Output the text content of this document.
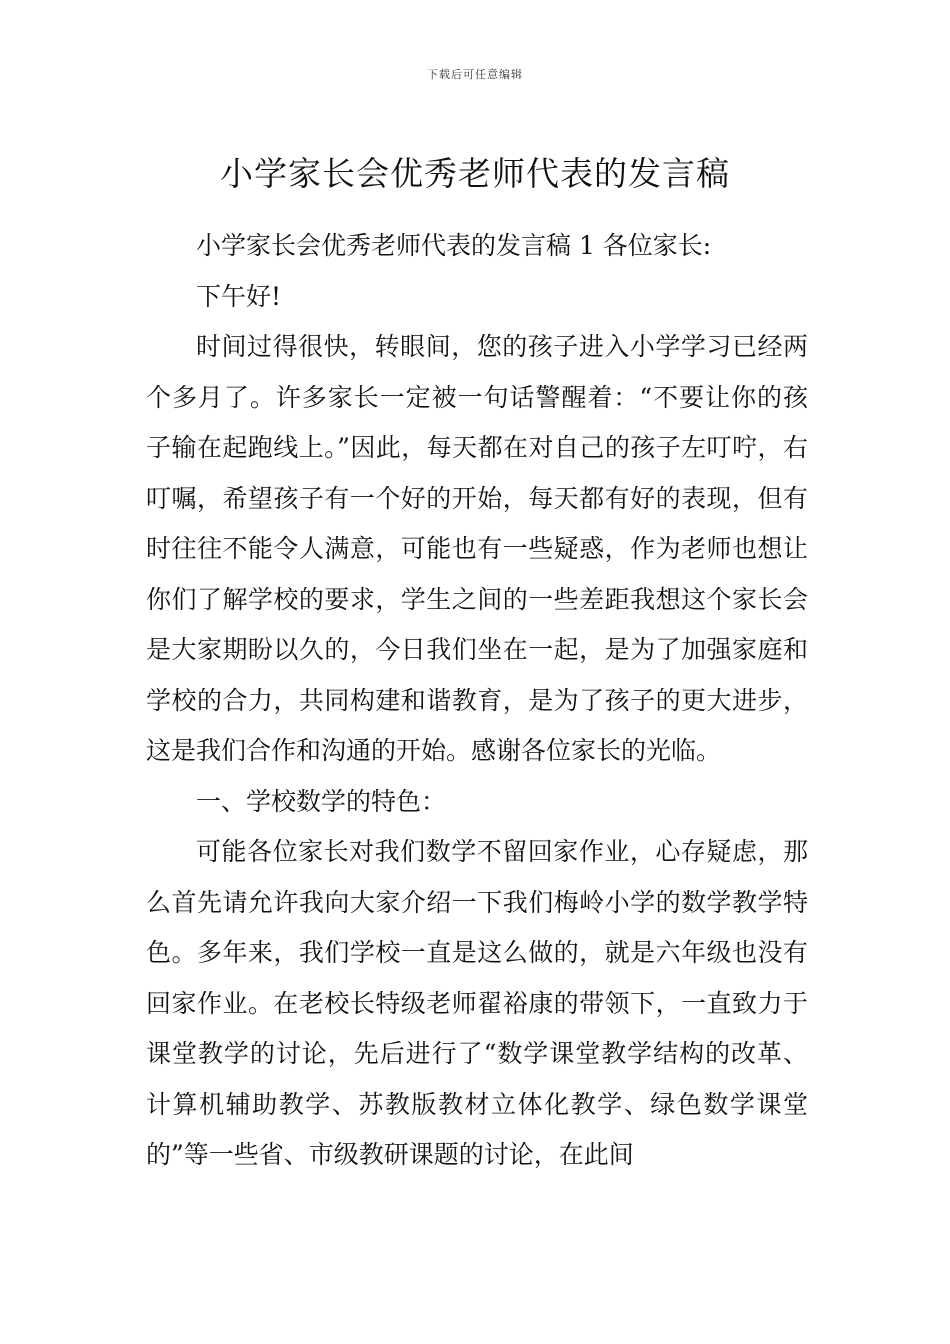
下载后可任意编辑
小学家长会优秀老师代表的发言稿

小学家长会优秀老师代表的发言稿 1 各位家长:

下午好!

时间过得很快，转眼间，您的孩子进入小学学习已经两个多月了。许多家长一定被一句话警醒着：“不要让你的孩子输在起跑线上。”因此，每天都在对自己的孩子左叮咛，右叮嘱，希望孩子有一个好的开始，每天都有好的表现，但有时往往不能令人满意，可能也有一些疑惑，作为老师也想让你们了解学校的要求，学生之间的一些差距我想这个家长会是大家期盼以久的，今日我们坐在一起，是为了加强家庭和学校的合力，共同构建和谐教育，是为了孩子的更大进步，这是我们合作和沟通的开始。感谢各位家长的光临。

一、学校数学的特色：

可能各位家长对我们数学不留回家作业，心存疑虑，那么首先请允许我向大家介绍一下我们梅岭小学的数学教学特色。多年来，我们学校一直是这么做的，就是六年级也没有回家作业。在老校长特级老师翟裕康的带领下，一直致力于课堂教学的讨论，先后进行了“数学课堂教学结构的改革、计算机辅助教学、苏教版教材立体化教学、绿色数学课堂的”等一些省、市级教研课题的讨论，在此间
